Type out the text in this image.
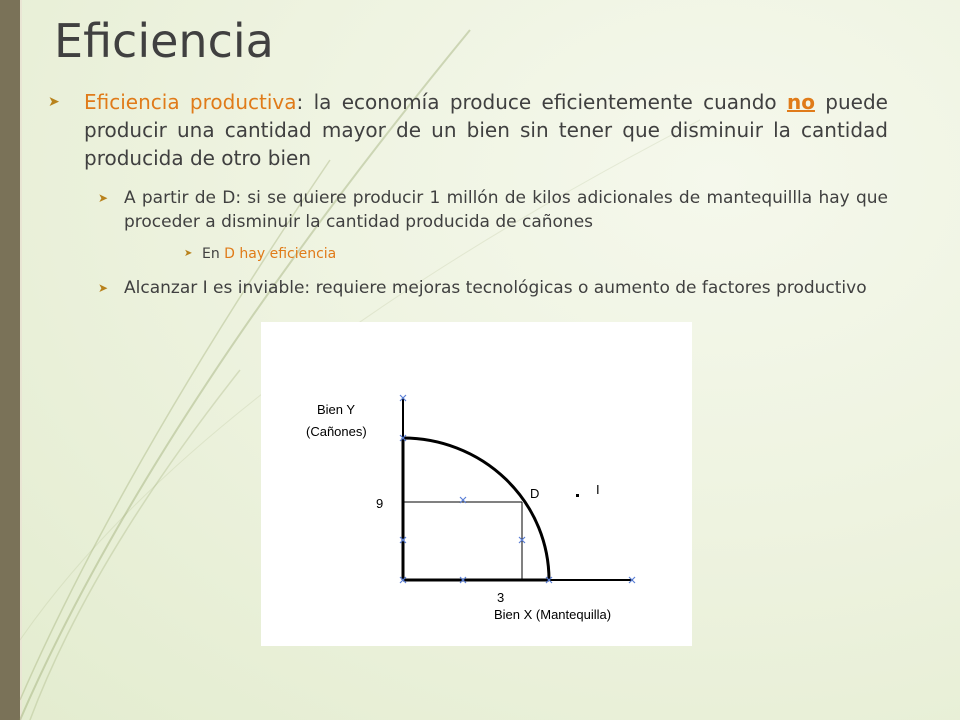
Eficiencia

➤ Eficiencia productiva: la economía produce eficientemente cuando no puede producir una cantidad mayor de un bien sin tener que disminuir la cantidad producida de otro bien

➤ A partir de D: si se quiere producir 1 millón de kilos adicionales de mantequillla hay que proceder a disminuir la cantidad producida de cañones

➤ En D hay eficiencia

➤ Alcanzar I es inviable: requiere mejoras tecnológicas o aumento de factores productivo

Bien Y
(Cañones)
9
D	I
3
Bien X (Mantequilla)
